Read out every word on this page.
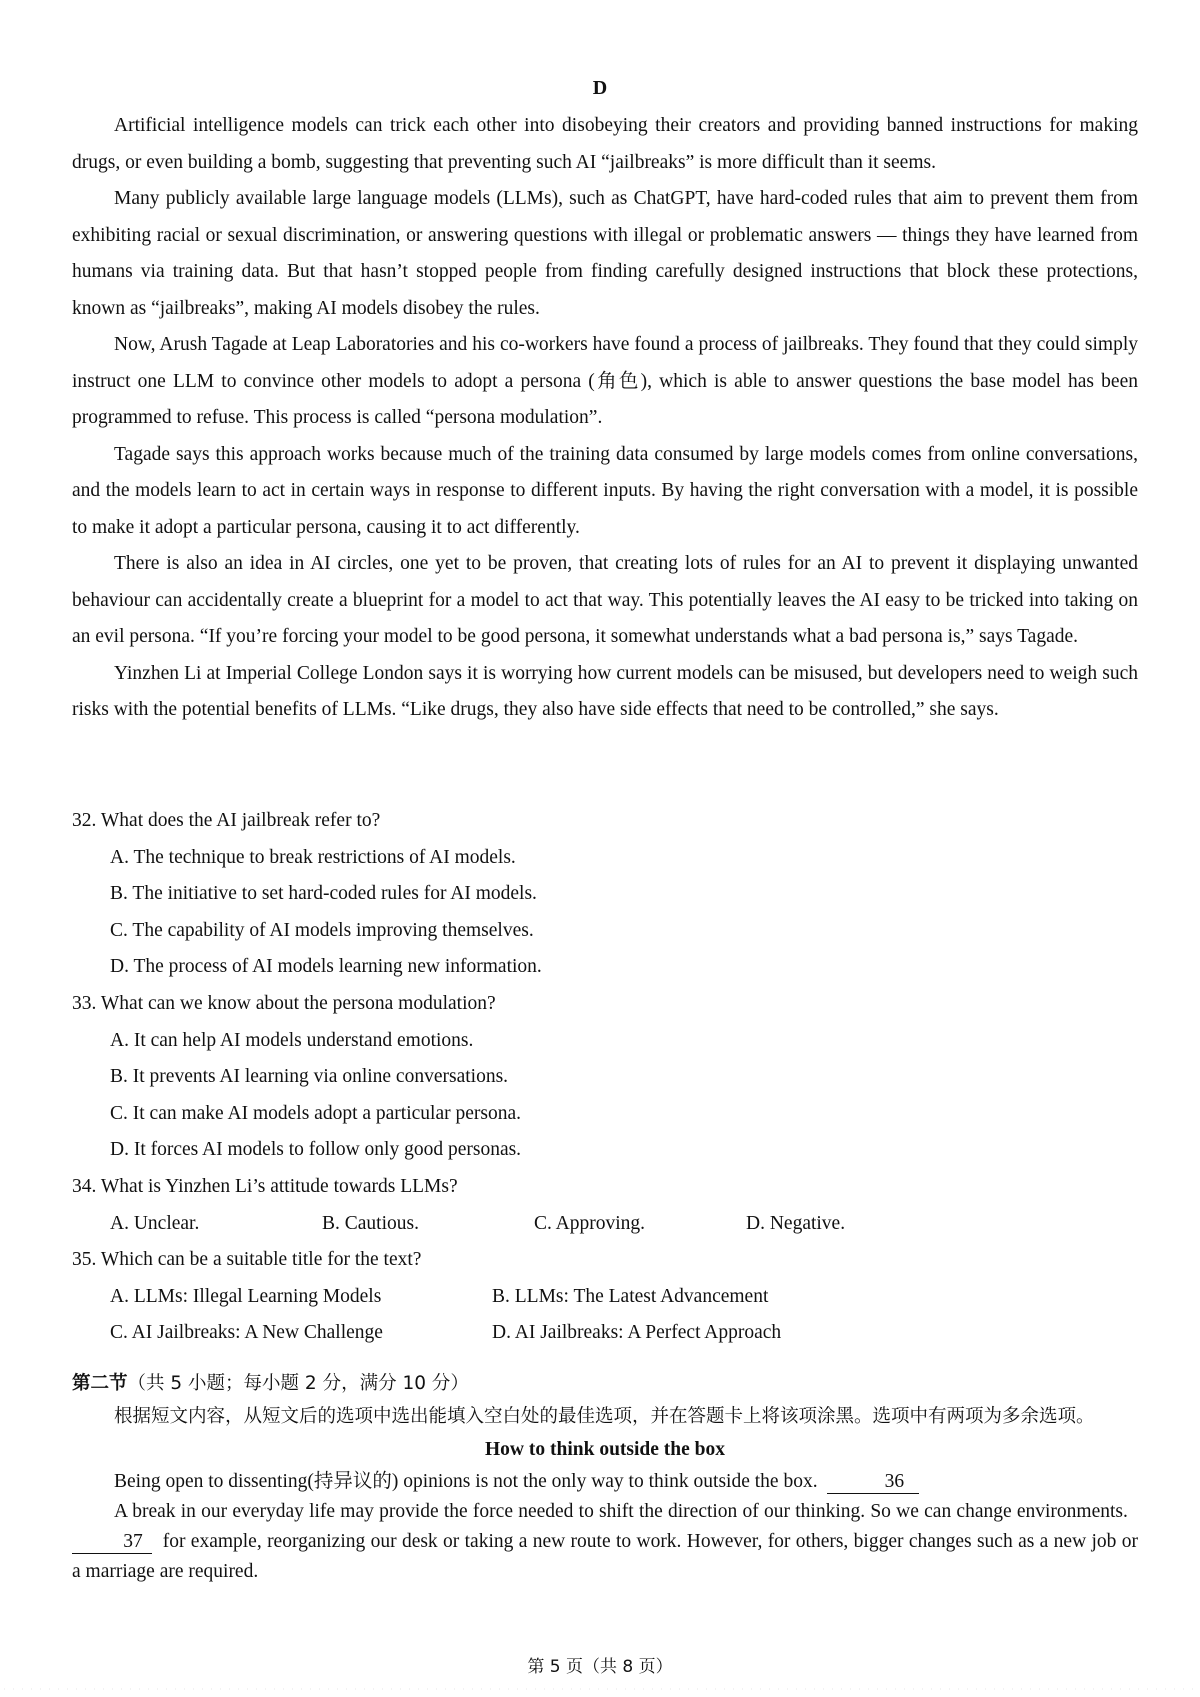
D

Artificial intelligence models can trick each other into disobeying their creators and providing banned instructions for making drugs, or even building a bomb, suggesting that preventing such AI “jailbreaks” is more difficult than it seems.

Many publicly available large language models (LLMs), such as ChatGPT, have hard-coded rules that aim to prevent them from exhibiting racial or sexual discrimination, or answering questions with illegal or problematic answers — things they have learned from humans via training data. But that hasn’t stopped people from finding carefully designed instructions that block these protections, known as “jailbreaks”, making AI models disobey the rules.

Now, Arush Tagade at Leap Laboratories and his co-workers have found a process of jailbreaks. They found that they could simply instruct one LLM to convince other models to adopt a persona (角色), which is able to answer questions the base model has been programmed to refuse. This process is called “persona modulation”.

Tagade says this approach works because much of the training data consumed by large models comes from online conversations, and the models learn to act in certain ways in response to different inputs. By having the right conversation with a model, it is possible to make it adopt a particular persona, causing it to act differently.

There is also an idea in AI circles, one yet to be proven, that creating lots of rules for an AI to prevent it displaying unwanted behaviour can accidentally create a blueprint for a model to act that way. This potentially leaves the AI easy to be tricked into taking on an evil persona. “If you’re forcing your model to be good persona, it somewhat understands what a bad persona is,” says Tagade.

Yinzhen Li at Imperial College London says it is worrying how current models can be misused, but developers need to weigh such risks with the potential benefits of LLMs. “Like drugs, they also have side effects that need to be controlled,” she says.

32. What does the AI jailbreak refer to?

A. The technique to break restrictions of AI models.

B. The initiative to set hard-coded rules for AI models.

C. The capability of AI models improving themselves.

D. The process of AI models learning new information.

33. What can we know about the persona modulation?

A. It can help AI models understand emotions.

B. It prevents AI learning via online conversations.

C. It can make AI models adopt a particular persona.

D. It forces AI models to follow only good personas.

34. What is Yinzhen Li’s attitude towards LLMs?

A. Unclear.	B. Cautious.	C. Approving.	D. Negative.

35. Which can be a suitable title for the text?

A. LLMs: Illegal Learning Models	B. LLMs: The Latest Advancement
C. AI Jailbreaks: A New Challenge	D. AI Jailbreaks: A Perfect Approach

第二节（共 5 小题；每小题 2 分，满分 10 分）

根据短文内容，从短文后的选项中选出能填入空白处的最佳选项，并在答题卡上将该项涂黑。选项中有两项为多余选项。

How to think outside the box

Being open to dissenting(持异议的) opinions is not the only way to think outside the box.	36

A break in our everyday life may provide the force needed to shift the direction of our thinking. So we can change environments.  37 for example, reorganizing our desk or taking a new route to work. However, for others, bigger changes such as a new job or a marriage are required.

第 5 页（共 8 页）
